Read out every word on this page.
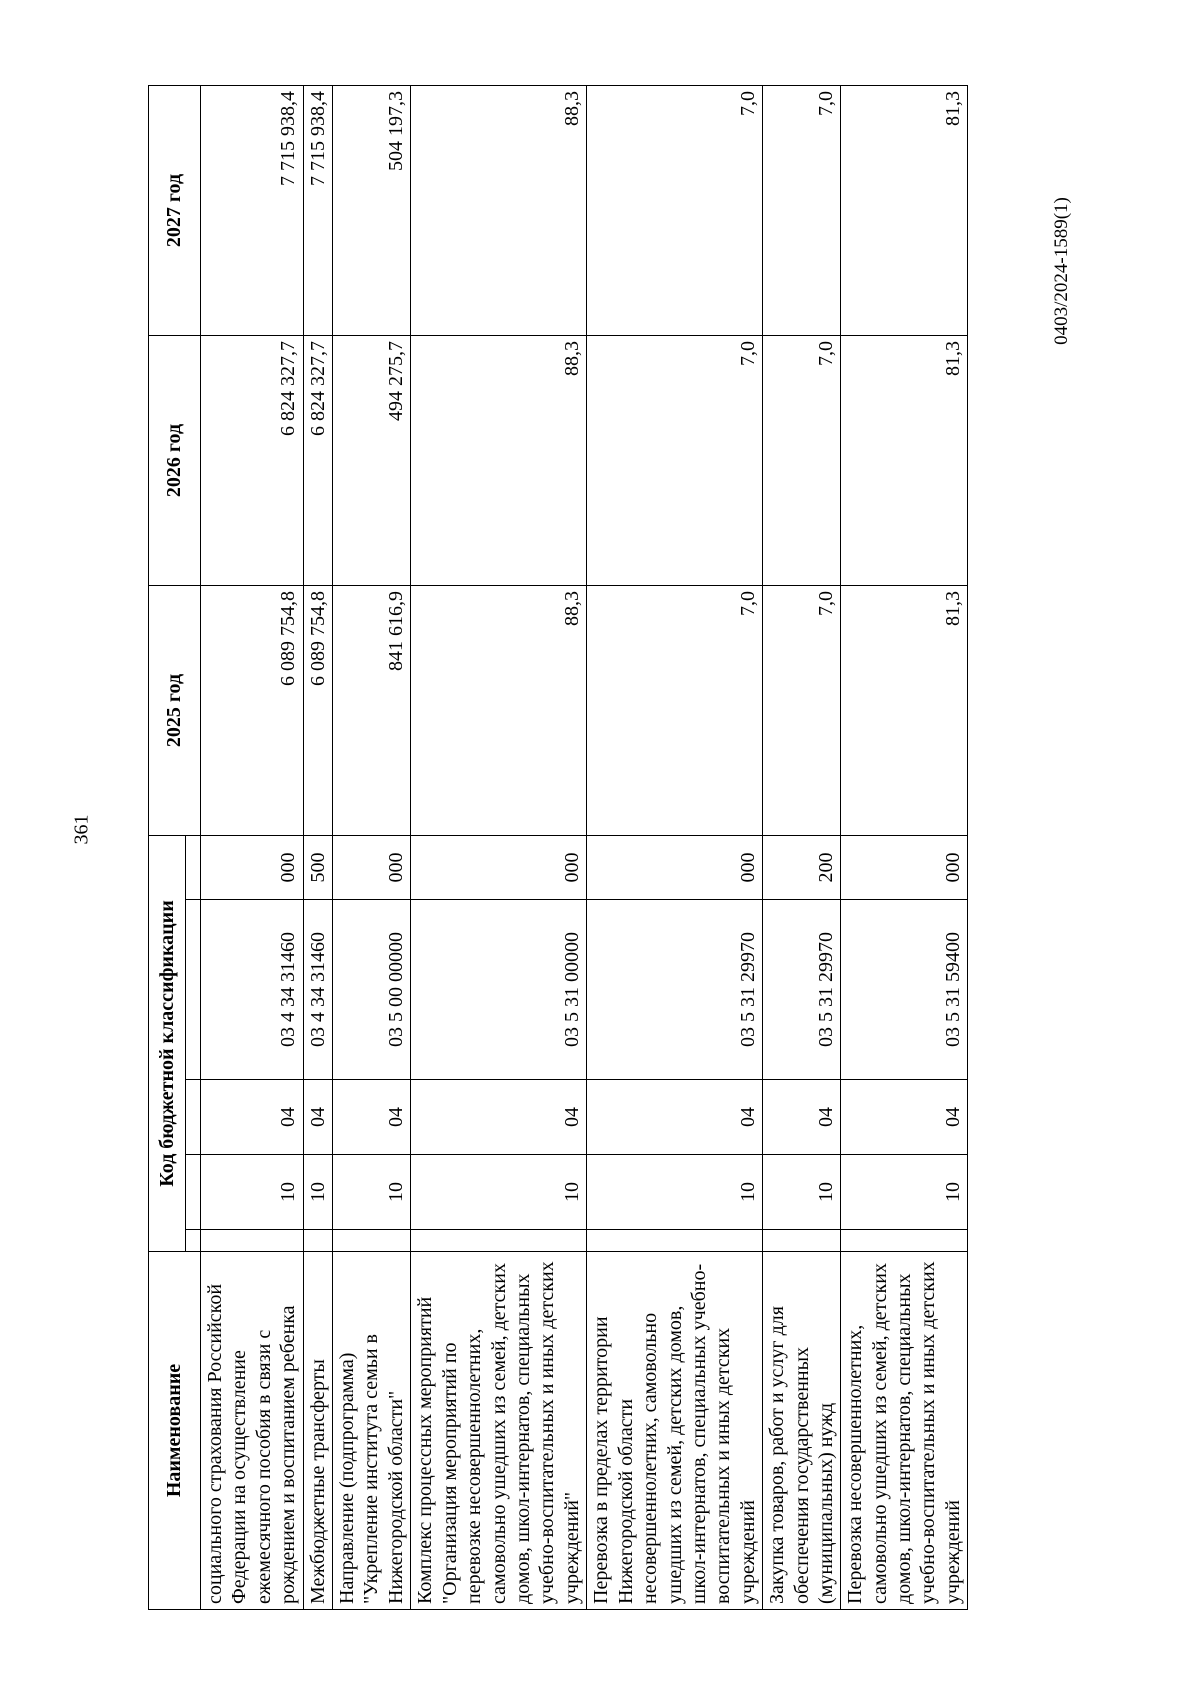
361
0403/2024-1589(1)
Наименование	Код бюджетной классификации					2025 год	2026 год	2027 год

социального страхования Российской Федерации на осуществление ежемесячного пособия в связи с рождением и воспитанием ребенка		10	04	03 4 34 31460	000	6 089 754,8	6 824 327,7	7 715 938,4
Межбюджетные трансферты		10	04	03 4 34 31460	500	6 089 754,8	6 824 327,7	7 715 938,4
Направление (подпрограмма) "Укрепление института семьи в Нижегородской области"		10	04	03 5 00 00000	000	841 616,9	494 275,7	504 197,3
Комплекс процессных мероприятий "Организация мероприятий по перевозке несовершеннолетних, самовольно ушедших из семей, детских домов, школ-интернатов, специальных учебно-воспитательных и иных детских учреждений"		10	04	03 5 31 00000	000	88,3	88,3	88,3
Перевозка в пределах территории Нижегородской области несовершеннолетних, самовольно ушедших из семей, детских домов, школ-интернатов, специальных учебно-воспитательных и иных детских учреждений		10	04	03 5 31 29970	000	7,0	7,0	7,0
Закупка товаров, работ и услуг для обеспечения государственных (муниципальных) нужд		10	04	03 5 31 29970	200	7,0	7,0	7,0
Перевозка несовершеннолетних, самовольно ушедших из семей, детских домов, школ-интернатов, специальных учебно-воспитательных и иных детских учреждений		10	04	03 5 31 59400	000	81,3	81,3	81,3
